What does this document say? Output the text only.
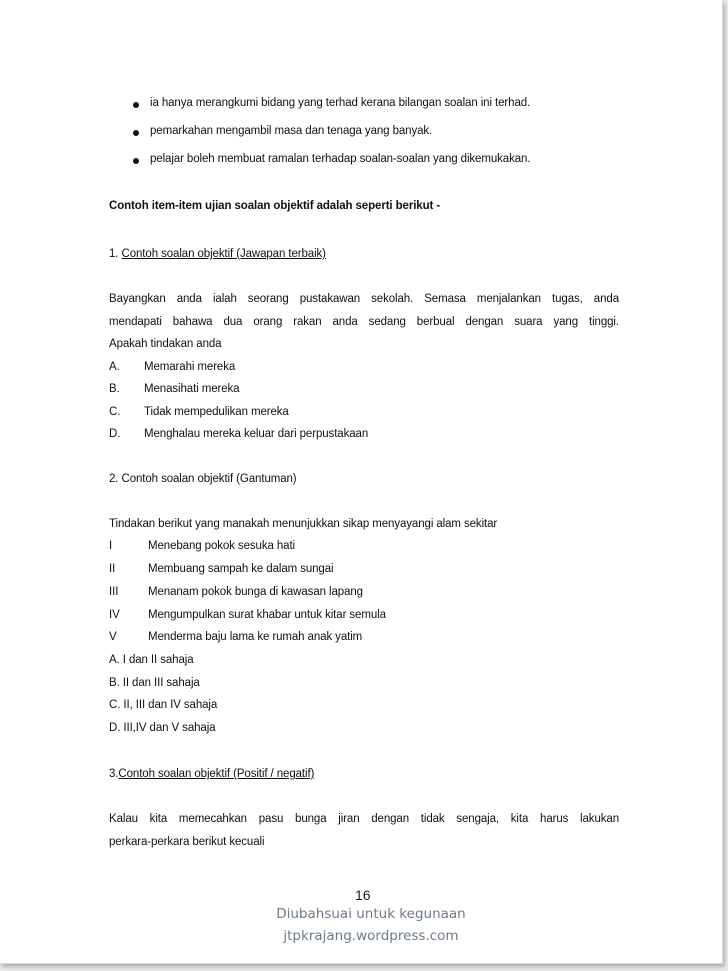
ia hanya merangkumi bidang yang terhad kerana bilangan soalan ini terhad.
pemarkahan mengambil masa dan tenaga yang banyak.
pelajar boleh membuat ramalan terhadap soalan-soalan yang dikemukakan.
Contoh item-item ujian soalan objektif adalah seperti berikut -
1. Contoh soalan objektif (Jawapan terbaik)
Bayangkan anda ialah seorang pustakawan sekolah. Semasa menjalankan tugas, anda
mendapati bahawa dua orang rakan anda sedang berbual dengan suara yang tinggi.
Apakah tindakan anda
A. Memarahi mereka
B. Menasihati mereka
C. Tidak mempedulikan mereka
D. Menghalau mereka keluar dari perpustakaan
2. Contoh soalan objektif (Gantuman)
Tindakan berikut yang manakah menunjukkan sikap menyayangi alam sekitar
I	Menebang pokok sesuka hati
II	Membuang sampah ke dalam sungai
III	Menanam pokok bunga di kawasan lapang
IV Mengumpulkan surat khabar untuk kitar semula
V	Menderma baju lama ke rumah anak yatim
A. I dan II sahaja
B. II dan III sahaja
C. II, III dan IV sahaja
D. III,IV dan V sahaja
3.Contoh soalan objektif (Positif / negatif)
Kalau kita memecahkan pasu bunga jiran dengan tidak sengaja, kita harus lakukan
perkara-perkara berikut kecuali
16
Diubahsuai untuk kegunaan
jtpkrajang.wordpress.com
